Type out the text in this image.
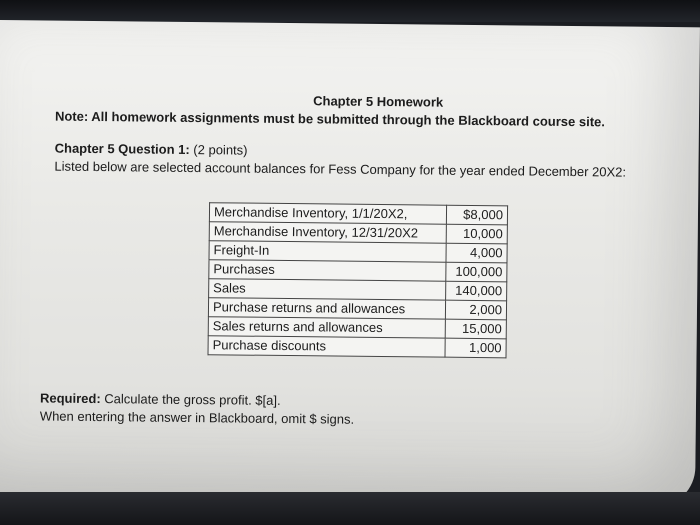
Chapter 5 Homework
Note: All homework assignments must be submitted through the Blackboard course site.
Chapter 5 Question 1: (2 points)
Listed below are selected account balances for Fess Company for the year ended December 20X2:
Merchandise Inventory, 1/1/20X2,	$8,000
Merchandise Inventory, 12/31/20X2	10,000
Freight-In	4,000
Purchases	100,000
Sales	140,000
Purchase returns and allowances	2,000
Sales returns and allowances	15,000
Purchase discounts	1,000
Required: Calculate the gross profit. $[a].
When entering the answer in Blackboard, omit $ signs.
